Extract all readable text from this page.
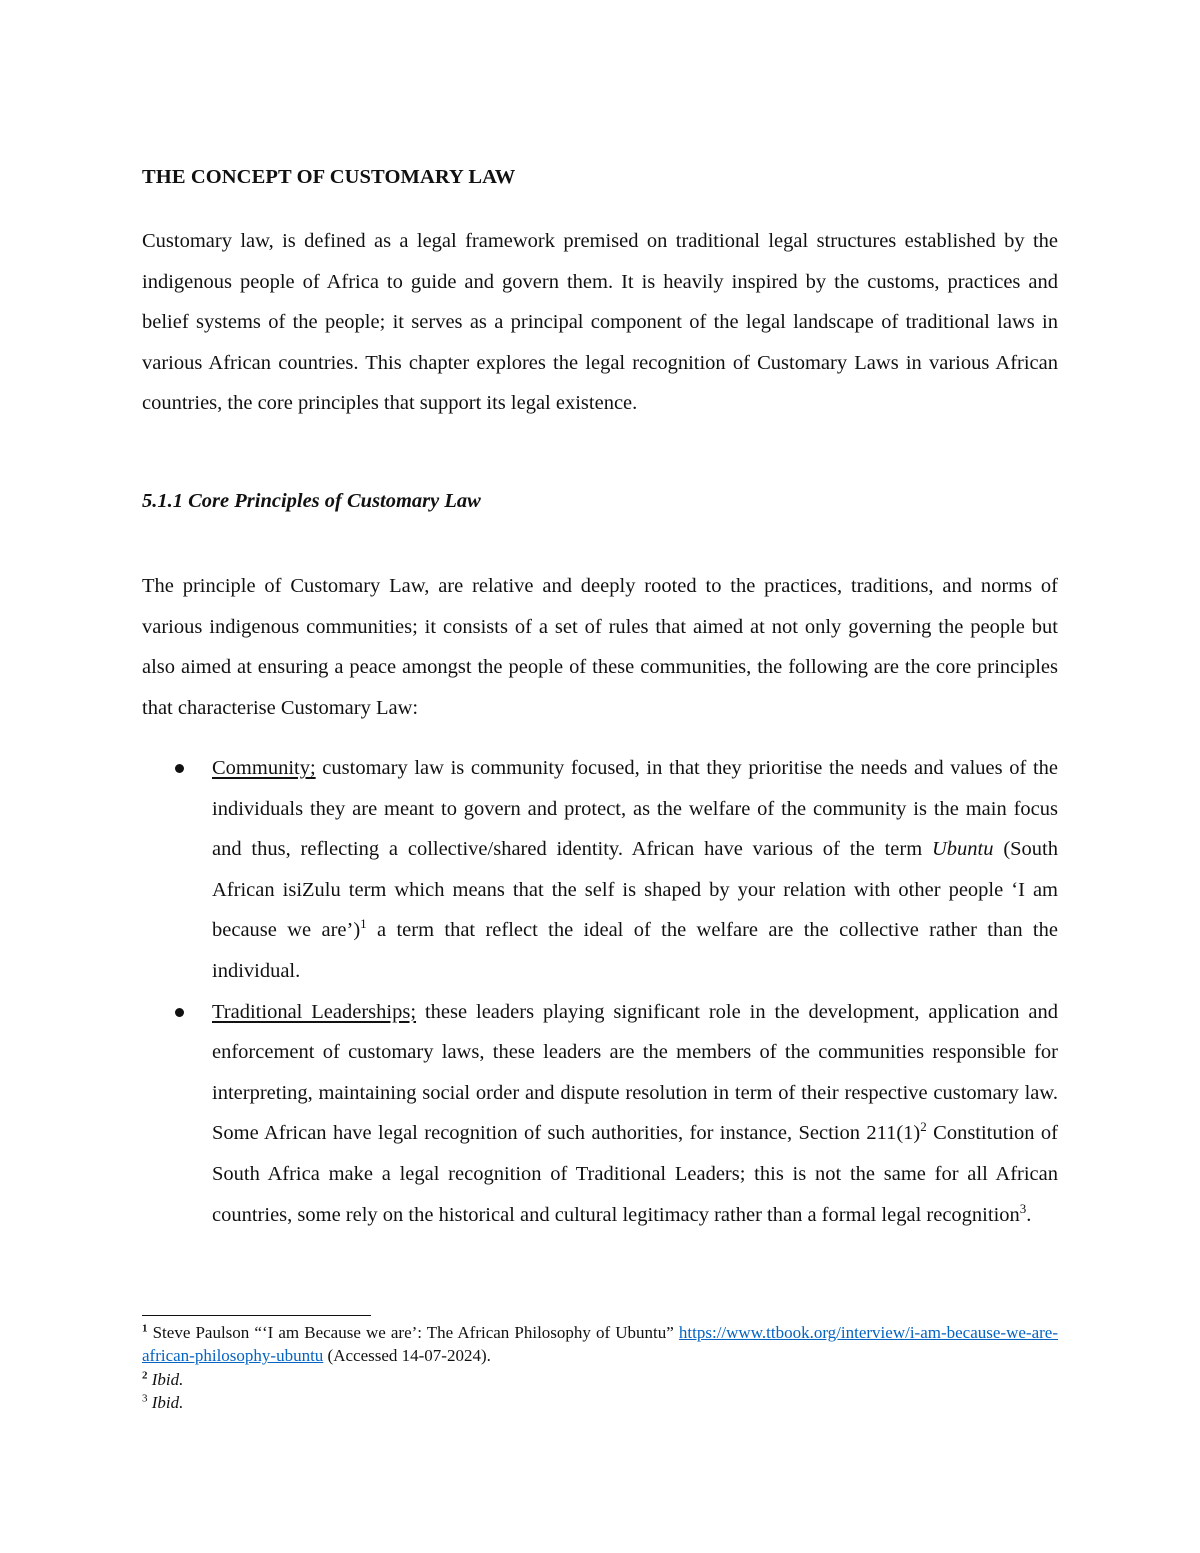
THE CONCEPT OF CUSTOMARY LAW

Customary law, is defined as a legal framework premised on traditional legal structures established by the indigenous people of Africa to guide and govern them. It is heavily inspired by the customs, practices and belief systems of the people; it serves as a principal component of the legal landscape of traditional laws in various African countries. This chapter explores the legal recognition of Customary Laws in various African countries, the core principles that support its legal existence.

5.1.1 Core Principles of Customary Law

The principle of Customary Law, are relative and deeply rooted to the practices, traditions, and norms of various indigenous communities; it consists of a set of rules that aimed at not only governing the people but also aimed at ensuring a peace amongst the people of these communities, the following are the core principles that characterise Customary Law:

Community; customary law is community focused, in that they prioritise the needs and values of the individuals they are meant to govern and protect, as the welfare of the community is the main focus and thus, reflecting a collective/shared identity. African have various of the term Ubuntu (South African isiZulu term which means that the self is shaped by your relation with other people ‘I am because we are’)$^1$ a term that reflect the ideal of the welfare are the collective rather than the individual.
Traditional Leaderships; these leaders playing significant role in the development, application and enforcement of customary laws, these leaders are the members of the communities responsible for interpreting, maintaining social order and dispute resolution in term of their respective customary law. Some African have legal recognition of such authorities, for instance, Section $211(1)^2$ Constitution of South Africa make a legal recognition of Traditional Leaders; this is not the same for all African countries, some rely on the historical and cultural legitimacy rather than a formal legal recognition$^3$.

$^1$ Steve Paulson “‘I am Because we are’: The African Philosophy of Ubuntu” https://www.ttbook.org/interview/i-am-because-we-are-african-philosophy-ubuntu (Accessed 14-07-2024).

$^2$ Ibid.

$^3$ Ibid.
